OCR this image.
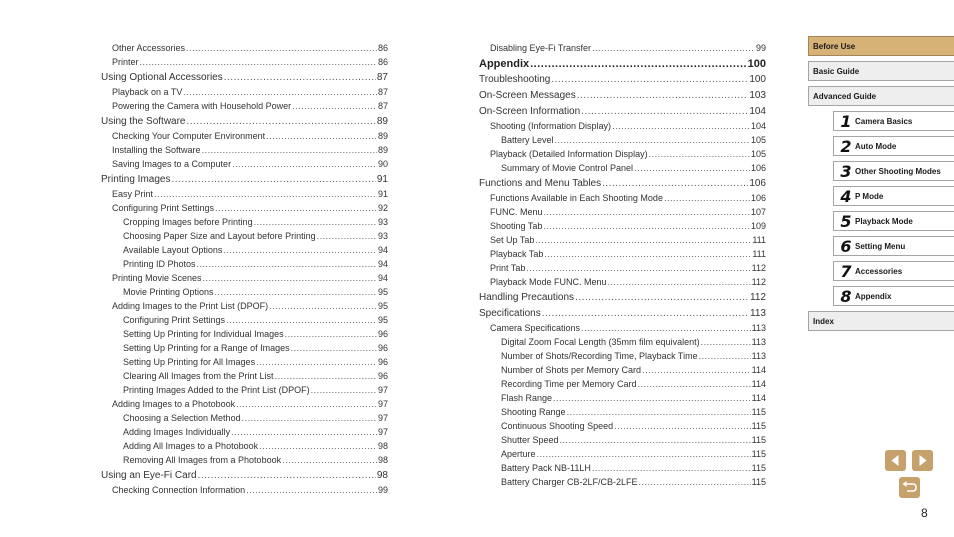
Other Accessories .....	86
Printer .....	86
Using Optional Accessories .....	87
Playback on a TV .....	87
Powering the Camera with Household Power .....	87
Using the Software .....	89
Checking Your Computer Environment .....	89
Installing the Software .....	89
Saving Images to a Computer .....	90
Printing Images .....	91
Easy Print .....	91
Configuring Print Settings .....	92
Cropping Images before Printing .....	93
Choosing Paper Size and Layout before Printing .....	93
Available Layout Options .....	94
Printing ID Photos .....	94
Printing Movie Scenes .....	94
Movie Printing Options .....	95
Adding Images to the Print List (DPOF) .....	95
Configuring Print Settings .....	95
Setting Up Printing for Individual Images .....	96
Setting Up Printing for a Range of Images .....	96
Setting Up Printing for All Images .....	96
Clearing All Images from the Print List .....	96
Printing Images Added to the Print List (DPOF) .....	97
Adding Images to a Photobook .....	97
Choosing a Selection Method .....	97
Adding Images Individually .....	97
Adding All Images to a Photobook .....	98
Removing All Images from a Photobook .....	98
Using an Eye-Fi Card .....	98
Checking Connection Information .....	99
Disabling Eye-Fi Transfer .....	99
Appendix .....	100
Troubleshooting .....	100
On-Screen Messages .....	103
On-Screen Information .....	104
Shooting (Information Display) .....	104
Battery Level .....	105
Playback (Detailed Information Display) .....	105
Summary of Movie Control Panel .....	106
Functions and Menu Tables .....	106
Functions Available in Each Shooting Mode .....	106
FUNC. Menu .....	107
Shooting Tab .....	109
Set Up Tab .....	111
Playback Tab .....	111
Print Tab .....	112
Playback Mode FUNC. Menu .....	112
Handling Precautions .....	112
Specifications .....	113
Camera Specifications .....	113
Digital Zoom Focal Length (35mm film equivalent) .....	113
Number of Shots/Recording Time, Playback Time .....	113
Number of Shots per Memory Card .....	114
Recording Time per Memory Card .....	114
Flash Range .....	114
Shooting Range .....	115
Continuous Shooting Speed .....	115
Shutter Speed .....	115
Aperture .....	115
Battery Pack NB-11LH .....	115
Battery Charger CB-2LF/CB-2LFE .....	115
Before Use
Basic Guide
Advanced Guide
1 Camera Basics
2 Auto Mode
3 Other Shooting Modes
4 P Mode
5 Playback Mode
6 Setting Menu
7 Accessories
8 Appendix
Index
8
